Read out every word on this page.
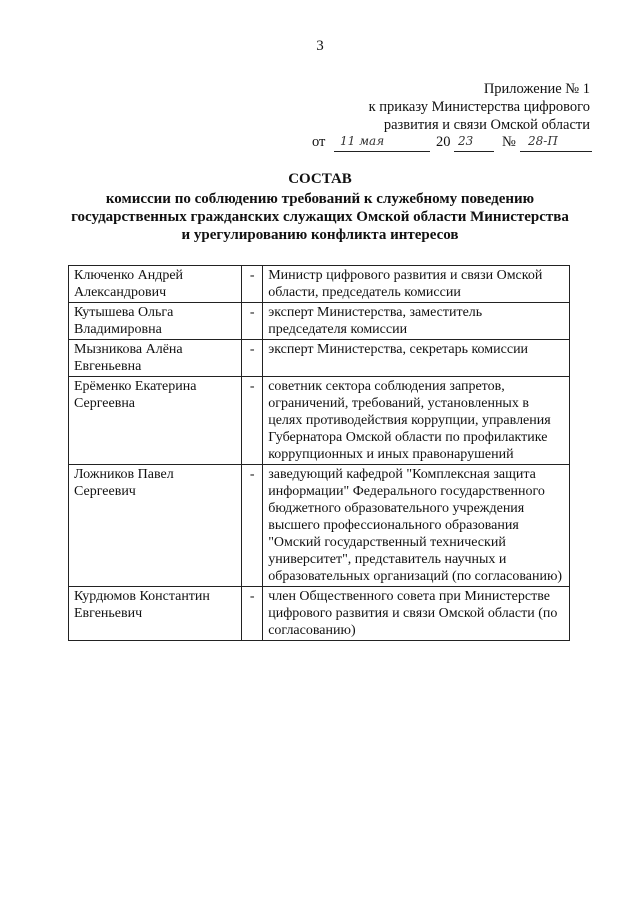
3
Приложение № 1
к приказу Министерства цифрового
развития и связи Омской области
от 11 мая	20 23 № 28-П
СОСТАВ
комиссии по соблюдению требований к служебному поведению
государственных гражданских служащих Омской области Министерства
и урегулированию конфликта интересов
Ключенко Андрей Александрович	-	Министр цифрового развития и связи Омской области, председатель комиссии
Кутышева Ольга Владимировна	-	эксперт Министерства, заместитель председателя комиссии
Мызникова Алёна Евгеньевна	-	эксперт Министерства, секретарь комиссии
Ерёменко Екатерина Сергеевна	-	советник сектора соблюдения запретов, ограничений, требований, установленных в целях противодействия коррупции, управления Губернатора Омской области по профилактике коррупционных и иных правонарушений
Ложников Павел Сергеевич	-	заведующий кафедрой "Комплексная защита информации" Федерального государственного бюджетного образовательного учреждения высшего профессионального образования "Омский государственный технический университет", представитель научных и образовательных организаций (по согласованию)
Курдюмов Константин Евгеньевич	-	член Общественного совета при Министерстве цифрового развития и связи Омской области (по согласованию)
